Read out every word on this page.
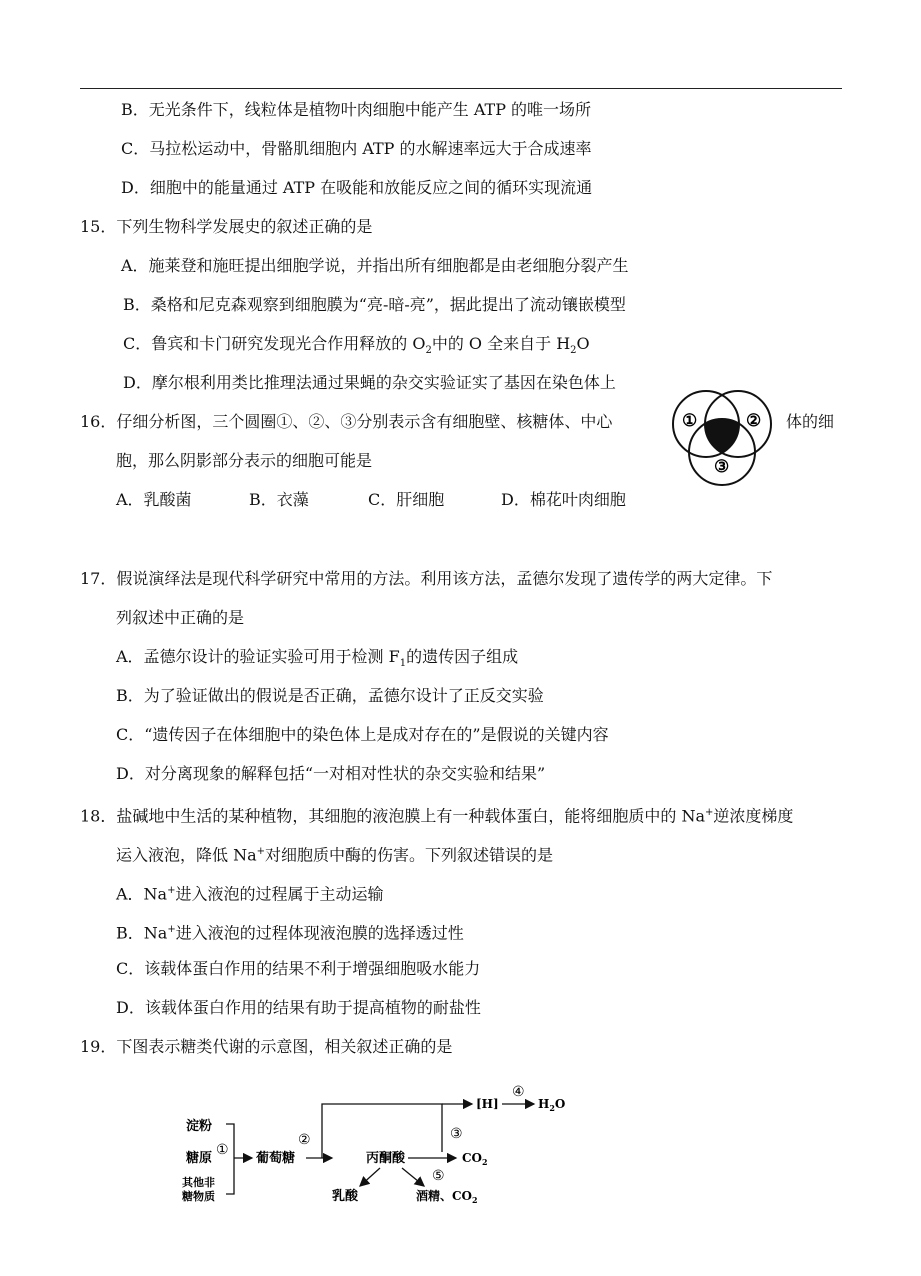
B．无光条件下，线粒体是植物叶肉细胞中能产生 ATP 的唯一场所
C．马拉松运动中，骨骼肌细胞内 ATP 的水解速率远大于合成速率
D．细胞中的能量通过 ATP 在吸能和放能反应之间的循环实现流通
15．下列生物科学发展史的叙述正确的是
A．施莱登和施旺提出细胞学说，并指出所有细胞都是由老细胞分裂产生
B．桑格和尼克森观察到细胞膜为“亮-暗-亮”，据此提出了流动镶嵌模型
C．鲁宾和卡门研究发现光合作用释放的 $O_2$中的 O 全来自于 $H_2O$
D．摩尔根利用类比推理法通过果蝇的杂交实验证实了基因在染色体上
16．仔细分析图，三个圆圈①、②、③分别表示含有细胞壁、核糖体、中心	体的细
胞，那么阴影部分表示的细胞可能是
A．乳酸菌	B．衣藻	C．肝细胞	D．棉花叶肉细胞
①	②
③
17．假说演绎法是现代科学研究中常用的方法。利用该方法，孟德尔发现了遗传学的两大定律。下
列叙述中正确的是
A．孟德尔设计的验证实验可用于检测 $F_1$的遗传因子组成
B．为了验证做出的假说是否正确，孟德尔设计了正反交实验
C．“遗传因子在体细胞中的染色体上是成对存在的”是假说的关键内容
D．对分离现象的解释包括“一对相对性状的杂交实验和结果”
18．盐碱地中生活的某种植物，其细胞的液泡膜上有一种载体蛋白，能将细胞质中的 Na+逆浓度梯度
运入液泡，降低 Na+对细胞质中酶的伤害。下列叙述错误的是
A．Na+进入液泡的过程属于主动运输
B．Na+进入液泡的过程体现液泡膜的选择透过性
C．该载体蛋白作用的结果不利于增强细胞吸水能力
D．该载体蛋白作用的结果有助于提高植物的耐盐性
19．下图表示糖类代谢的示意图，相关叙述正确的是
淀粉
糖原
其他非
糖物质
①
葡萄糖
②
[H]
④
$H_2O$
丙酮酸
③
$CO_2$
⑤
乳酸	酒精、$CO_2$
